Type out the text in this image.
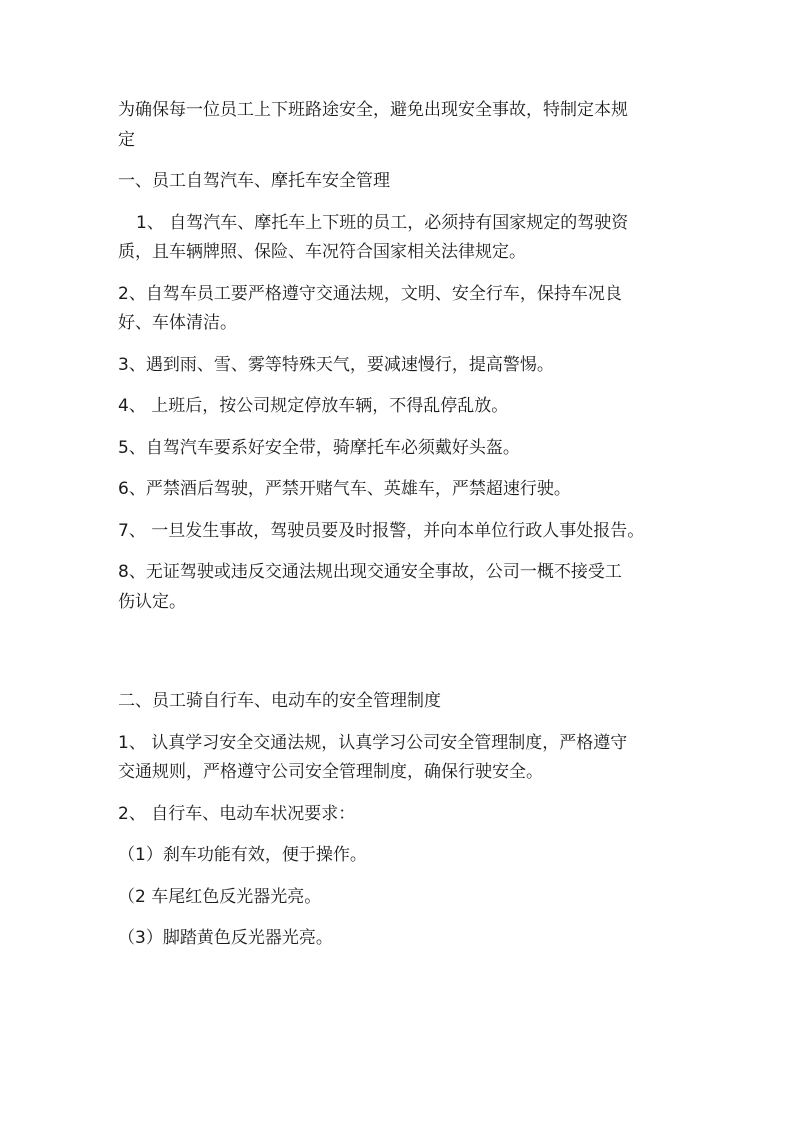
为确保每一位员工上下班路途安全，避免出现安全事故，特制定本规

定

一、员工自驾汽车、摩托车安全管理

1、 自驾汽车、摩托车上下班的员工，必须持有国家规定的驾驶资

质，且车辆牌照、保险、车况符合国家相关法律规定。

2、自驾车员工要严格遵守交通法规，文明、安全行车，保持车况良

好、车体清洁。

3、遇到雨、雪、雾等特殊天气，要减速慢行，提高警惕。

4、 上班后，按公司规定停放车辆，不得乱停乱放。

5、自驾汽车要系好安全带，骑摩托车必须戴好头盔。

6、严禁酒后驾驶，严禁开赌气车、英雄车，严禁超速行驶。

7、 一旦发生事故，驾驶员要及时报警，并向本单位行政人事处报告。

8、无证驾驶或违反交通法规出现交通安全事故，公司一概不接受工

伤认定。

二、员工骑自行车、电动车的安全管理制度

1、 认真学习安全交通法规，认真学习公司安全管理制度，严格遵守

交通规则，严格遵守公司安全管理制度，确保行驶安全。

2、 自行车、电动车状况要求：

（1）刹车功能有效，便于操作。

（2 车尾红色反光器光亮。

（3）脚踏黄色反光器光亮。
